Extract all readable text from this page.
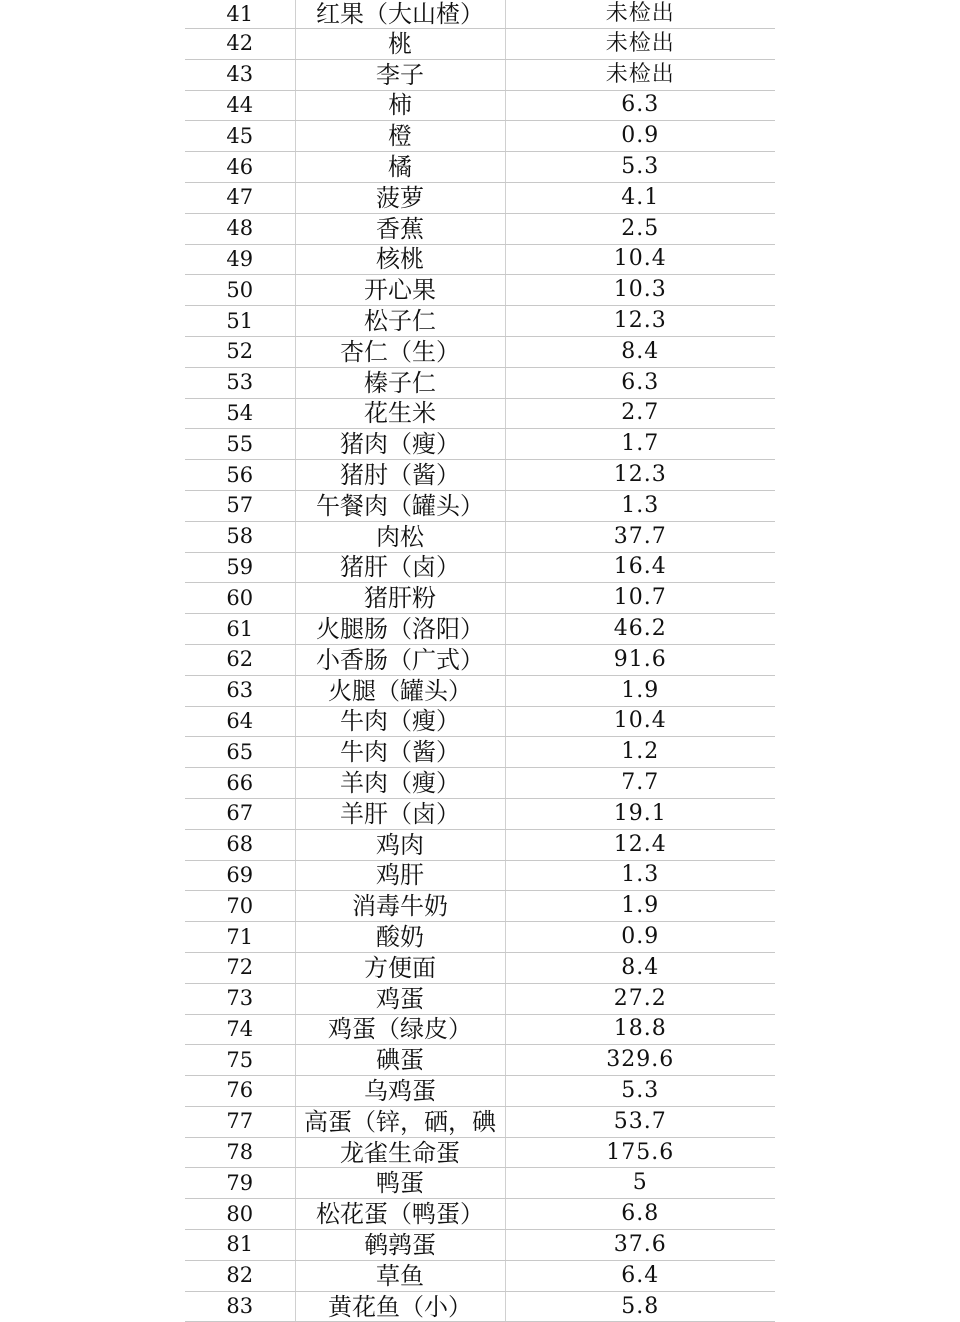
41	红果（大山楂）	未检出
42	桃	未检出
43	李子	未检出
44	柿	6.3
45	橙	0.9
46	橘	5.3
47	菠萝	4.1
48	香蕉	2.5
49	核桃	10.4
50	开心果	10.3
51	松子仁	12.3
52	杏仁（生）	8.4
53	榛子仁	6.3
54	花生米	2.7
55	猪肉（瘦）	1.7
56	猪肘（酱）	12.3
57	午餐肉（罐头）	1.3
58	肉松	37.7
59	猪肝（卤）	16.4
60	猪肝粉	10.7
61	火腿肠（洛阳）	46.2
62	小香肠（广式）	91.6
63	火腿（罐头）	1.9
64	牛肉（瘦）	10.4
65	牛肉（酱）	1.2
66	羊肉（瘦）	7.7
67	羊肝（卤）	19.1
68	鸡肉	12.4
69	鸡肝	1.3
70	消毒牛奶	1.9
71	酸奶	0.9
72	方便面	8.4
73	鸡蛋	27.2
74	鸡蛋（绿皮）	18.8
75	碘蛋	329.6
76	乌鸡蛋	5.3
77	高蛋（锌，硒，碘	53.7
78	龙雀生命蛋	175.6
79	鸭蛋	5
80	松花蛋（鸭蛋）	6.8
81	鹌鹑蛋	37.6
82	草鱼	6.4
83	黄花鱼（小）	5.8
